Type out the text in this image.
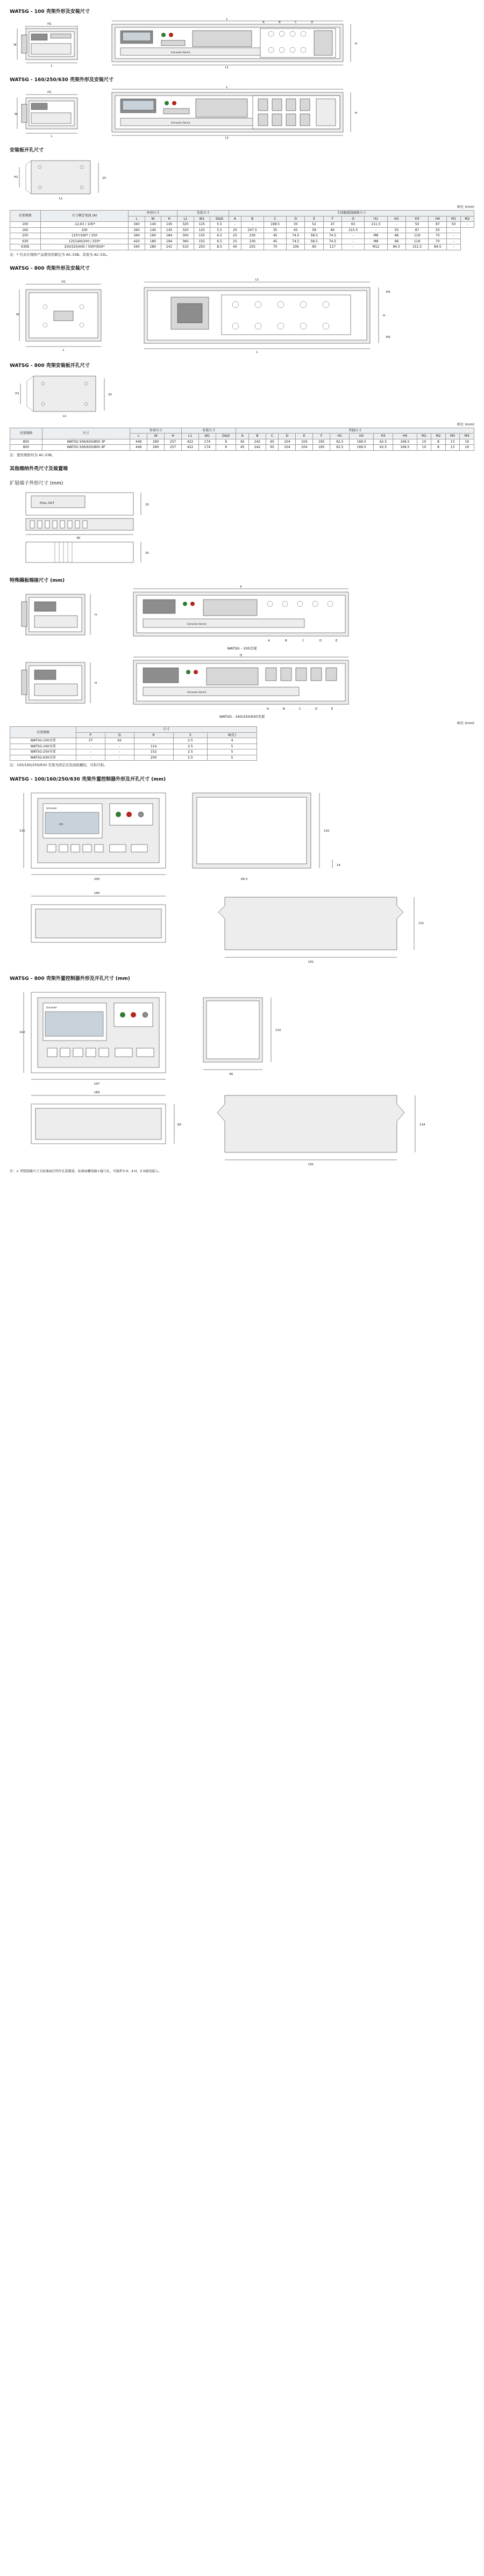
WATSG - 100 壳架外形及安装尺寸
H1
W
L
Schneider Electric
L
H
L1
A	B	C	D
WATSG - 160/250/630 壳架外形及安装尺寸
H1
W
L
Schneider Electric
L
H
L1
安装板开孔尺寸
20
H1
L1
单位 (mm)
壳架规格	尺寸额定电流 (A)	外形尺寸			安装尺寸			主回路接线铜排尺寸												
		L	W	H	L1	W1	D&D	A	B	C	D	E	F	G	H1	H2	H3	H4	M1	M2
100	-12,63 / 100*	340	140	145	320	125	5.5	-	-	198.5	30	52	47	63	211.5	-	50	87	50	-
160	100	340	140	145	320	125	5.5	20	207.5	35	65	58	84	215.5	-	50	87	50	-	
250	125*/160* / 250	340	160	184	300	155	6.5	25	230	45	74.5	58.5	74.5	-	M8	68	119	70	-	
630	125/160/200 / 250*	420	180	194	360	155	6.5	25	230	45	74.5	58.5	74.5	-	M8	68	119	70	-	
630b	250/320/400 / 500*/630*	540	280	241	510	250	8.5	40	255	70	106	90	117	-	M12	84.5	151.5	84.5	-	
注：* 代表在规格产品使用的额定为 AC-33B。其他为 AC-33L。
WATSG - 800 壳架外形及安装尺寸
H2
W
L
L1
H
L
M1
M2
WATSG - 800 壳架安装板开孔尺寸
20
H1
L1
单位 (mm)
壳架规格	尺寸	外形尺寸			安装尺寸			其他尺寸													
		L	W	H	L1	W1	D&D	A	B	C	D	E	F	H1	H2	H3	H4	M1	M2	M3	M4
800	WATSG S06/630/800 3P	449	290	257	422	174	9	45	242	65	104	104	195	62.5	169.5	62.5	169.5	10	8	13	19
800	WATSG S06/630/800 4P	449	290	257	422	174	9	45	242	65	104	104	195	62.5	169.5	62.5	169.5	10	8	13	19
注：使用规格均为 AC-33B。
其他端纳外壳尺寸及装置端
扩展端子外形尺寸 (mm)
PULL OUT	25
80
25
特殊隔板端接尺寸 (mm)
H
Schneider Electric
P
A	B	C	D	E
WATSG - 100壳架
H
Schneider Electric
Q
A	B	C	D	E
WATSG - 160/250/630壳架
单位 (mm)
壳架规格	尺寸				
	P	Q	R	S	N(孔)
WATSG-100壳架	37	62	-	2.5	4
WATSG-160壳架	-	-	114	2.5	5
WATSG-250壳架	-	-	152	2.5	5
WATSG-630壳架	-	-	200	2.5	5
注：100/160/250/630 壳架为固定安装面板螺栓，可拆可拆。
WATSG - 100/160/250/630 壳架外置控制器外形及开孔尺寸 (mm)
Schneider
ATS
130
200
120
14
66.5
190
121
191
WATSG - 800 壳架外置控制器外形及开孔尺寸 (mm)
Schneider
142
197
132
80
189
80	134
191
注：> 型控制器尺寸关标准面注明开孔装数值，标准面螺电路+接口孔，可接件3 H、4 H、5 H接电接入。
